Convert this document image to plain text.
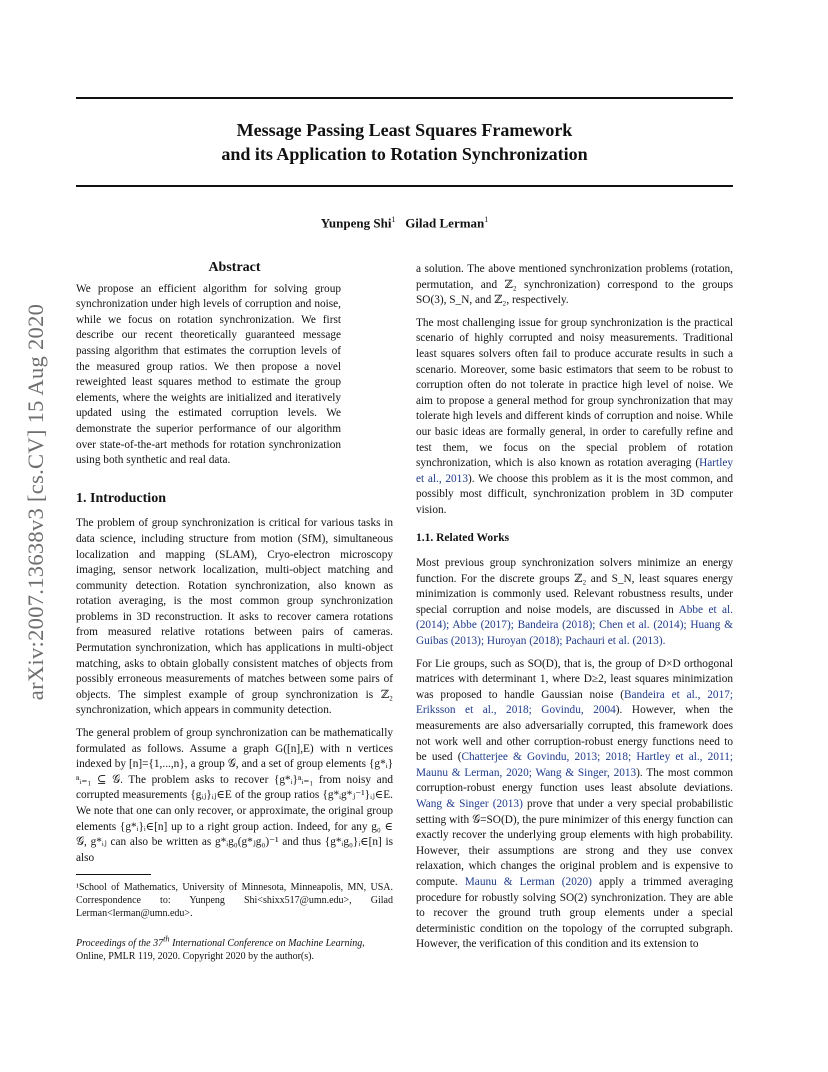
arXiv:2007.13638v3 [cs.CV] 15 Aug 2020
Message Passing Least Squares Framework
and its Application to Rotation Synchronization
Yunpeng Shi$^1$ Gilad Lerman$^1$
Abstract

We propose an efficient algorithm for solving group synchronization under high levels of corruption and noise, while we focus on rotation synchronization. We first describe our recent theoretically guaranteed message passing algorithm that estimates the corruption levels of the measured group ratios. We then propose a novel reweighted least squares method to estimate the group elements, where the weights are initialized and iteratively updated using the estimated corruption levels. We demonstrate the superior performance of our algorithm over state-of-the-art methods for rotation synchronization using both synthetic and real data.

1. Introduction

The problem of group synchronization is critical for various tasks in data science, including structure from motion (SfM), simultaneous localization and mapping (SLAM), Cryo-electron microscopy imaging, sensor network localization, multi-object matching and community detection. Rotation synchronization, also known as rotation averaging, is the most common group synchronization problems in 3D reconstruction. It asks to recover camera rotations from measured relative rotations between pairs of cameras. Permutation synchronization, which has applications in multi-object matching, asks to obtain globally consistent matches of objects from possibly erroneous measurements of matches between some pairs of objects. The simplest example of group synchronization is ℤ₂ synchronization, which appears in community detection.

The general problem of group synchronization can be mathematically formulated as follows. Assume a graph G([n],E) with n vertices indexed by [n]={1,...,n}, a group 𝒢, and a set of group elements {g*ᵢ}ⁿᵢ₌₁ ⊆ 𝒢. The problem asks to recover {g*ᵢ}ⁿᵢ₌₁ from noisy and corrupted measurements {gᵢⱼ}ᵢⱼ∈E of the group ratios {g*ᵢg*ⱼ⁻¹}ᵢⱼ∈E. We note that one can only recover, or approximate, the original group elements {g*ᵢ}ᵢ∈[n] up to a right group action. Indeed, for any g₀ ∈ 𝒢, g*ᵢⱼ can also be written as g*ᵢg₀(g*ⱼg₀)⁻¹ and thus {g*ᵢg₀}ᵢ∈[n] is also

¹School of Mathematics, University of Minnesota, Minneapolis, MN, USA. Correspondence to: Yunpeng Shi<shixx517@umn.edu>, Gilad Lerman<lerman@umn.edu>.

Proceedings of the 37th International Conference on Machine Learning, Online, PMLR 119, 2020. Copyright 2020 by the author(s).

a solution. The above mentioned synchronization problems (rotation, permutation, and ℤ₂ synchronization) correspond to the groups SO(3), S_N, and ℤ₂, respectively.

The most challenging issue for group synchronization is the practical scenario of highly corrupted and noisy measurements. Traditional least squares solvers often fail to produce accurate results in such a scenario. Moreover, some basic estimators that seem to be robust to corruption often do not tolerate in practice high level of noise. We aim to propose a general method for group synchronization that may tolerate high levels and different kinds of corruption and noise. While our basic ideas are formally general, in order to carefully refine and test them, we focus on the special problem of rotation synchronization, which is also known as rotation averaging (Hartley et al., 2013). We choose this problem as it is the most common, and possibly most difficult, synchronization problem in 3D computer vision.

1.1. Related Works

Most previous group synchronization solvers minimize an energy function. For the discrete groups ℤ₂ and S_N, least squares energy minimization is commonly used. Relevant robustness results, under special corruption and noise models, are discussed in Abbe et al. (2014); Abbe (2017); Bandeira (2018); Chen et al. (2014); Huang & Guibas (2013); Huroyan (2018); Pachauri et al. (2013).

For Lie groups, such as SO(D), that is, the group of D×D orthogonal matrices with determinant 1, where D≥2, least squares minimization was proposed to handle Gaussian noise (Bandeira et al., 2017; Eriksson et al., 2018; Govindu, 2004). However, when the measurements are also adversarially corrupted, this framework does not work well and other corruption-robust energy functions need to be used (Chatterjee & Govindu, 2013; 2018; Hartley et al., 2011; Maunu & Lerman, 2020; Wang & Singer, 2013). The most common corruption-robust energy function uses least absolute deviations. Wang & Singer (2013) prove that under a very special probabilistic setting with 𝒢=SO(D), the pure minimizer of this energy function can exactly recover the underlying group elements with high probability. However, their assumptions are strong and they use convex relaxation, which changes the original problem and is expensive to compute. Maunu & Lerman (2020) apply a trimmed averaging procedure for robustly solving SO(2) synchronization. They are able to recover the ground truth group elements under a special deterministic condition on the topology of the corrupted subgraph. However, the verification of this condition and its extension to
